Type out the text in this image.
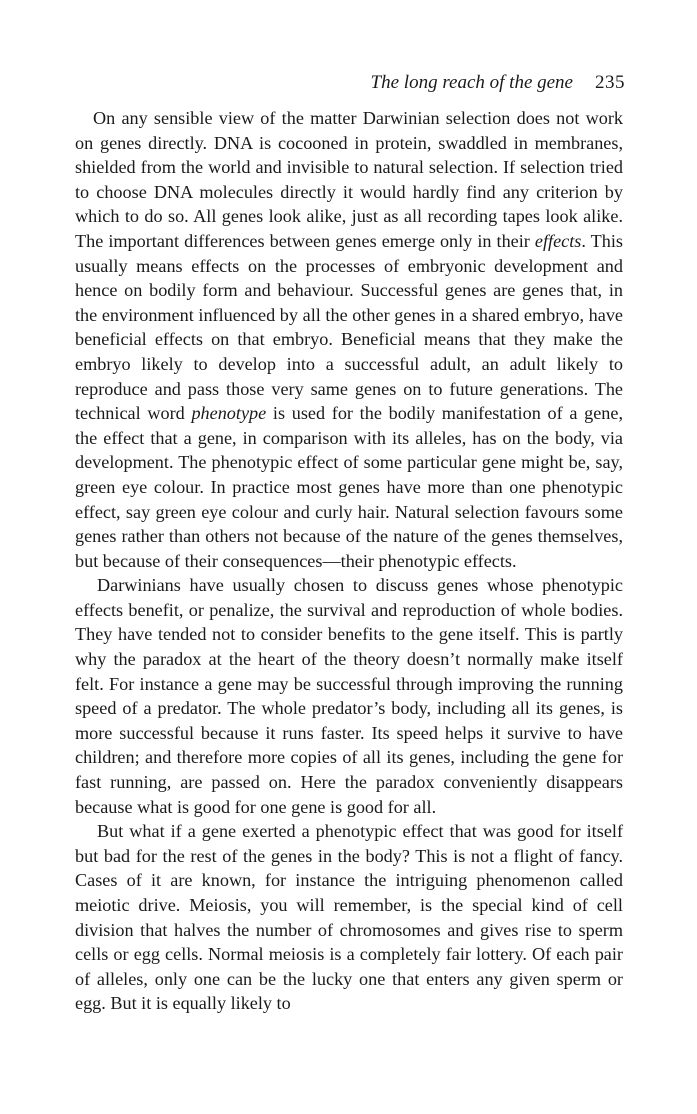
The long reach of the gene 235

On any sensible view of the matter Darwinian selection does not work on genes directly. DNA is cocooned in protein, swaddled in membranes, shielded from the world and invisible to natural selection. If selection tried to choose DNA molecules directly it would hardly find any criterion by which to do so. All genes look alike, just as all recording tapes look alike. The important differences between genes emerge only in their effects. This usually means effects on the processes of embryonic development and hence on bodily form and behaviour. Successful genes are genes that, in the environment influenced by all the other genes in a shared embryo, have beneficial effects on that embryo. Beneficial means that they make the embryo likely to develop into a successful adult, an adult likely to reproduce and pass those very same genes on to future generations. The technical word phenotype is used for the bodily manifestation of a gene, the effect that a gene, in comparison with its alleles, has on the body, via development. The phenotypic effect of some particular gene might be, say, green eye colour. In practice most genes have more than one phenotypic effect, say green eye colour and curly hair. Natural selection favours some genes rather than others not because of the nature of the genes themselves, but because of their consequences—their phenotypic effects.

Darwinians have usually chosen to discuss genes whose phenotypic effects benefit, or penalize, the survival and reproduction of whole bodies. They have tended not to consider benefits to the gene itself. This is partly why the paradox at the heart of the theory doesn’t normally make itself felt. For instance a gene may be successful through improving the running speed of a predator. The whole predator’s body, including all its genes, is more successful because it runs faster. Its speed helps it survive to have children; and therefore more copies of all its genes, including the gene for fast running, are passed on. Here the paradox conveniently disappears because what is good for one gene is good for all.

But what if a gene exerted a phenotypic effect that was good for itself but bad for the rest of the genes in the body? This is not a flight of fancy. Cases of it are known, for instance the intriguing phenomenon called meiotic drive. Meiosis, you will remember, is the special kind of cell division that halves the number of chromosomes and gives rise to sperm cells or egg cells. Normal meiosis is a completely fair lottery. Of each pair of alleles, only one can be the lucky one that enters any given sperm or egg. But it is equally likely to
